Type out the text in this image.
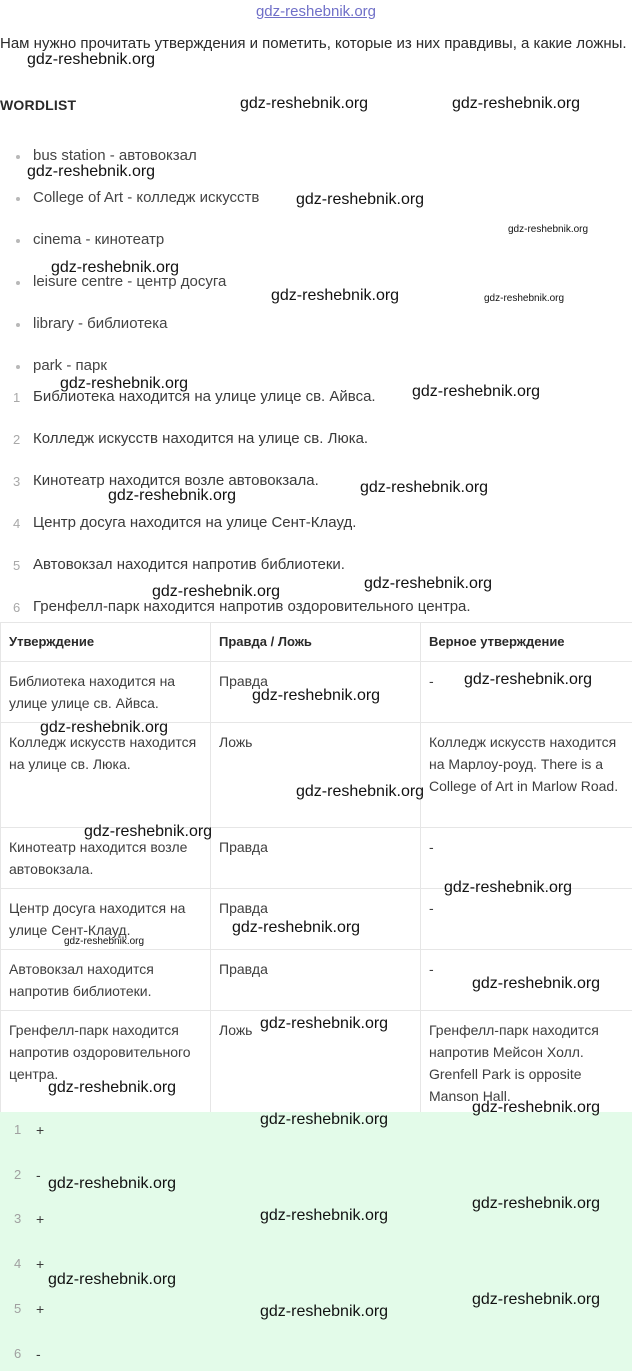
gdz-reshebnik.org
Нам нужно прочитать утверждения и пометить, которые из них правдивы, а какие ложны.
WORDLIST
bus station - автовокзал
College of Art - колледж искусств
cinema - кинотеатр
leisure centre - центр досуга
library - библиотека
park - парк
1 Библиотека находится на улице улице св. Айвса.
2 Колледж искусств находится на улице св. Люка.
3 Кинотеатр находится возле автовокзала.
4 Центр досуга находится на улице Сент-Клауд.
5 Автовокзал находится напротив библиотеки.
6 Гренфелл-парк находится напротив оздоровительного центра.
Утверждение	Правда / Ложь	Верное утверждение
Библиотека находится на улице улице св. Айвса.	Правда	-
Колледж искусств находится на улице св. Люка.	Ложь	Колледж искусств находится на Марлоу-роуд. There is a College of Art in Marlow Road.
Кинотеатр находится возле автовокзала.	Правда	-
Центр досуга находится на улице Сент-Клауд.	Правда	-
Автовокзал находится напротив библиотеки.	Правда	-
Гренфелл-парк находится напротив оздоровительного центра.	Ложь	Гренфелл-парк находится напротив Мейсон Холл. Grenfell Park is opposite Manson Hall.
1 +
2 -
3 +
4 +
5 +
6 -
gdz-reshebnik.org
gdz-reshebnik.org	gdz-reshebnik.org
gdz-reshebnik.org
gdz-reshebnik.org
gdz-reshebnik.org
gdz-reshebnik.org
gdz-reshebnik.org	gdz-reshebnik.org
gdz-reshebnik.org	gdz-reshebnik.org
gdz-reshebnik.org
gdz-reshebnik.org
gdz-reshebnik.org
gdz-reshebnik.org
gdz-reshebnik.org
gdz-reshebnik.org
gdz-reshebnik.org
gdz-reshebnik.org
gdz-reshebnik.org
gdz-reshebnik.org
gdz-reshebnik.org
gdz-reshebnik.org
gdz-reshebnik.org
gdz-reshebnik.org
gdz-reshebnik.org
gdz-reshebnik.org
gdz-reshebnik.org
gdz-reshebnik.org
gdz-reshebnik.org
gdz-reshebnik.org
gdz-reshebnik.org
gdz-reshebnik.org
gdz-reshebnik.org
